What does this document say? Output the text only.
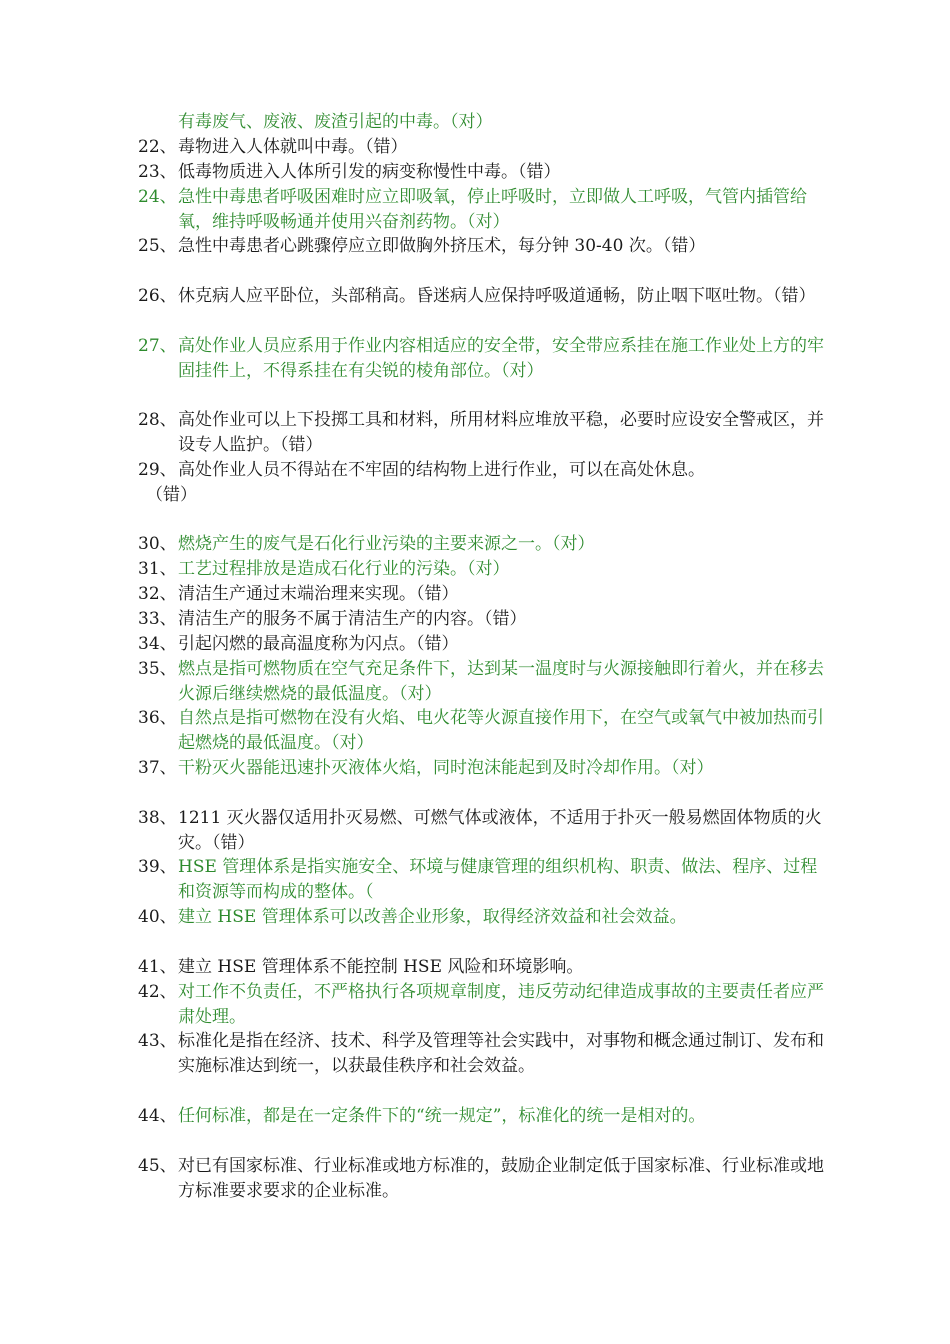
有毒废气、废液、废渣引起的中毒。（对）

22、 毒物进入人体就叫中毒。（错）

23、 低毒物质进入人体所引发的病变称慢性中毒。（错）

24、 急性中毒患者呼吸困难时应立即吸氧，停止呼吸时，立即做人工呼吸，气管内插管给氧，维持呼吸畅通并使用兴奋剂药物。（对）

25、 急性中毒患者心跳骤停应立即做胸外挤压术，每分钟 30-40 次。（错）

26、 休克病人应平卧位，头部稍高。昏迷病人应保持呼吸道通畅，防止咽下呕吐物。（错）

27、 高处作业人员应系用于作业内容相适应的安全带，安全带应系挂在施工作业处上方的牢固挂件上，不得系挂在有尖锐的棱角部位。（对）

28、 高处作业可以上下投掷工具和材料，所用材料应堆放平稳，必要时应设安全警戒区，并设专人监护。（错）

29、 高处作业人员不得站在不牢固的结构物上进行作业，可以在高处休息。

（错）

30、 燃烧产生的废气是石化行业污染的主要来源之一。（对）

31、 工艺过程排放是造成石化行业的污染。（对）

32、 清洁生产通过末端治理来实现。（错）

33、 清洁生产的服务不属于清洁生产的内容。（错）

34、 引起闪燃的最高温度称为闪点。（错）

35、 燃点是指可燃物质在空气充足条件下，达到某一温度时与火源接触即行着火，并在移去火源后继续燃烧的最低温度。（对）

36、 自然点是指可燃物在没有火焰、电火花等火源直接作用下，在空气或氧气中被加热而引起燃烧的最低温度。（对）

37、 干粉灭火器能迅速扑灭液体火焰，同时泡沫能起到及时冷却作用。（对）

38、 1211 灭火器仅适用扑灭易燃、可燃气体或液体，不适用于扑灭一般易燃固体物质的火灾。（错）

39、 HSE 管理体系是指实施安全、环境与健康管理的组织机构、职责、做法、程序、过程和资源等而构成的整体。（

40、 建立 HSE 管理体系可以改善企业形象，取得经济效益和社会效益。

41、 建立 HSE 管理体系不能控制 HSE 风险和环境影响。

42、 对工作不负责任，不严格执行各项规章制度，违反劳动纪律造成事故的主要责任者应严肃处理。

43、 标准化是指在经济、技术、科学及管理等社会实践中，对事物和概念通过制订、发布和实施标准达到统一，以获最佳秩序和社会效益。

44、 任何标准，都是在一定条件下的“统一规定”，标准化的统一是相对的。

45、 对已有国家标准、行业标准或地方标准的，鼓励企业制定低于国家标准、行业标准或地方标准要求要求的企业标准。
